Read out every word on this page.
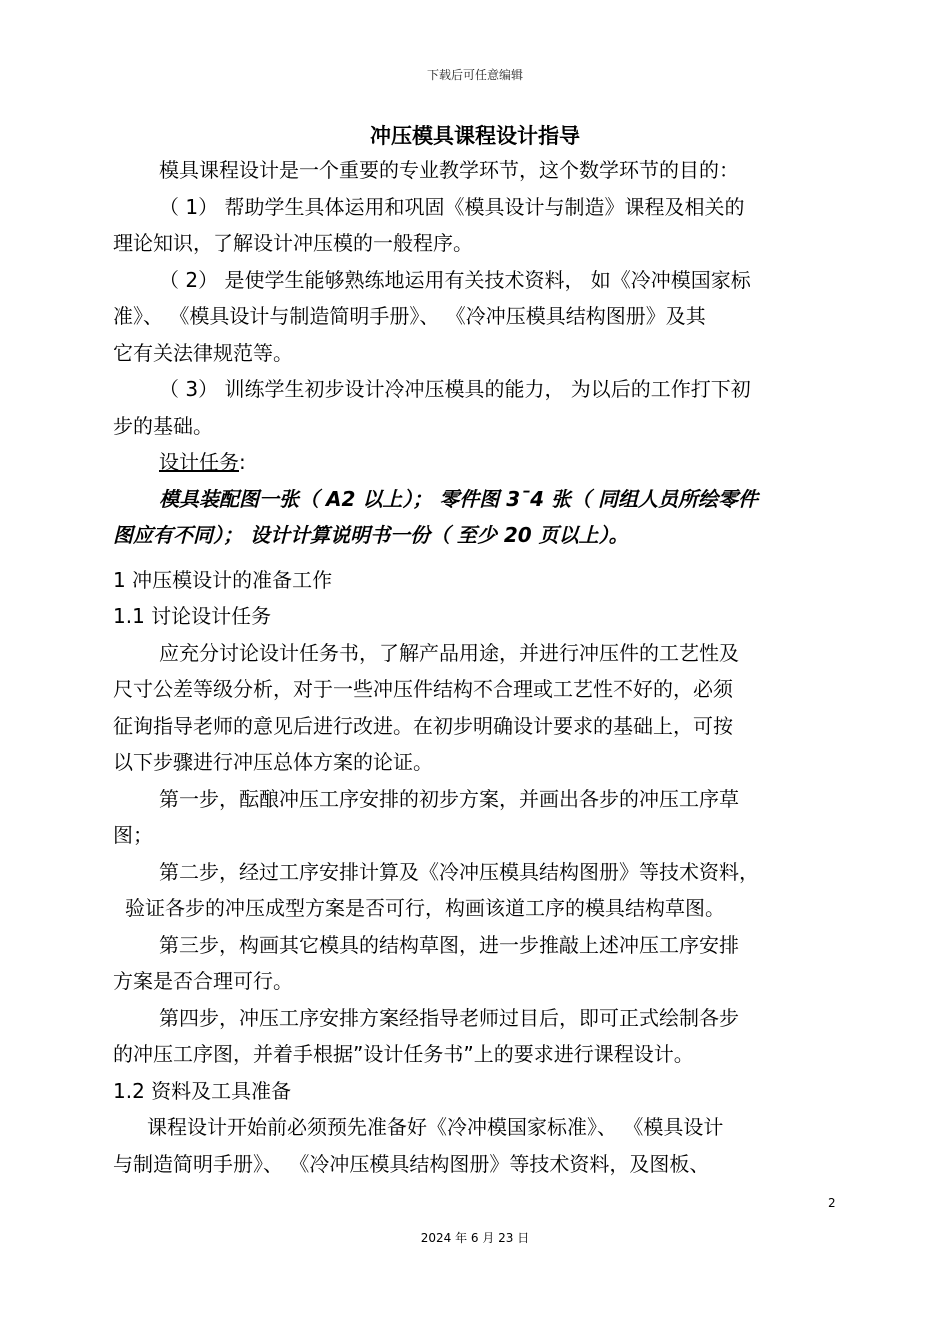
下载后可任意编辑
冲压模具课程设计指导
模具课程设计是一个重要的专业教学环节，这个数学环节的目的：
（ 1） 帮助学生具体运用和巩固《模具设计与制造》课程及相关的
理论知识，了解设计冲压模的一般程序。
（ 2） 是使学生能够熟练地运用有关技术资料， 如《冷冲模国家标
准》、 《模具设计与制造简明手册》、 《冷冲压模具结构图册》及其
它有关法律规范等。
（ 3） 训练学生初步设计冷冲压模具的能力， 为以后的工作打下初
步的基础。
设计任务:
模具装配图一张（ A2 以上）； 零件图 3¯4 张（ 同组人员所绘零件
图应有不同）； 设计计算说明书一份（ 至少 20 页以上）。
1 冲压模设计的准备工作
1.1 讨论设计任务
应充分讨论设计任务书，了解产品用途，并进行冲压件的工艺性及
尺寸公差等级分析，对于一些冲压件结构不合理或工艺性不好的，必须
征询指导老师的意见后进行改进。在初步明确设计要求的基础上，可按
以下步骤进行冲压总体方案的论证。
第一步，酝酿冲压工序安排的初步方案，并画出各步的冲压工序草
图；
第二步，经过工序安排计算及《冷冲压模具结构图册》等技术资料，
验证各步的冲压成型方案是否可行，构画该道工序的模具结构草图。
第三步，构画其它模具的结构草图，进一步推敲上述冲压工序安排
方案是否合理可行。
第四步，冲压工序安排方案经指导老师过目后，即可正式绘制各步
的冲压工序图，并着手根据”设计任务书”上的要求进行课程设计。
1.2 资料及工具准备
课程设计开始前必须预先准备好《冷冲模国家标准》、 《模具设计
与制造简明手册》、 《冷冲压模具结构图册》等技术资料，及图板、
2
2024 年 6 月 23 日
